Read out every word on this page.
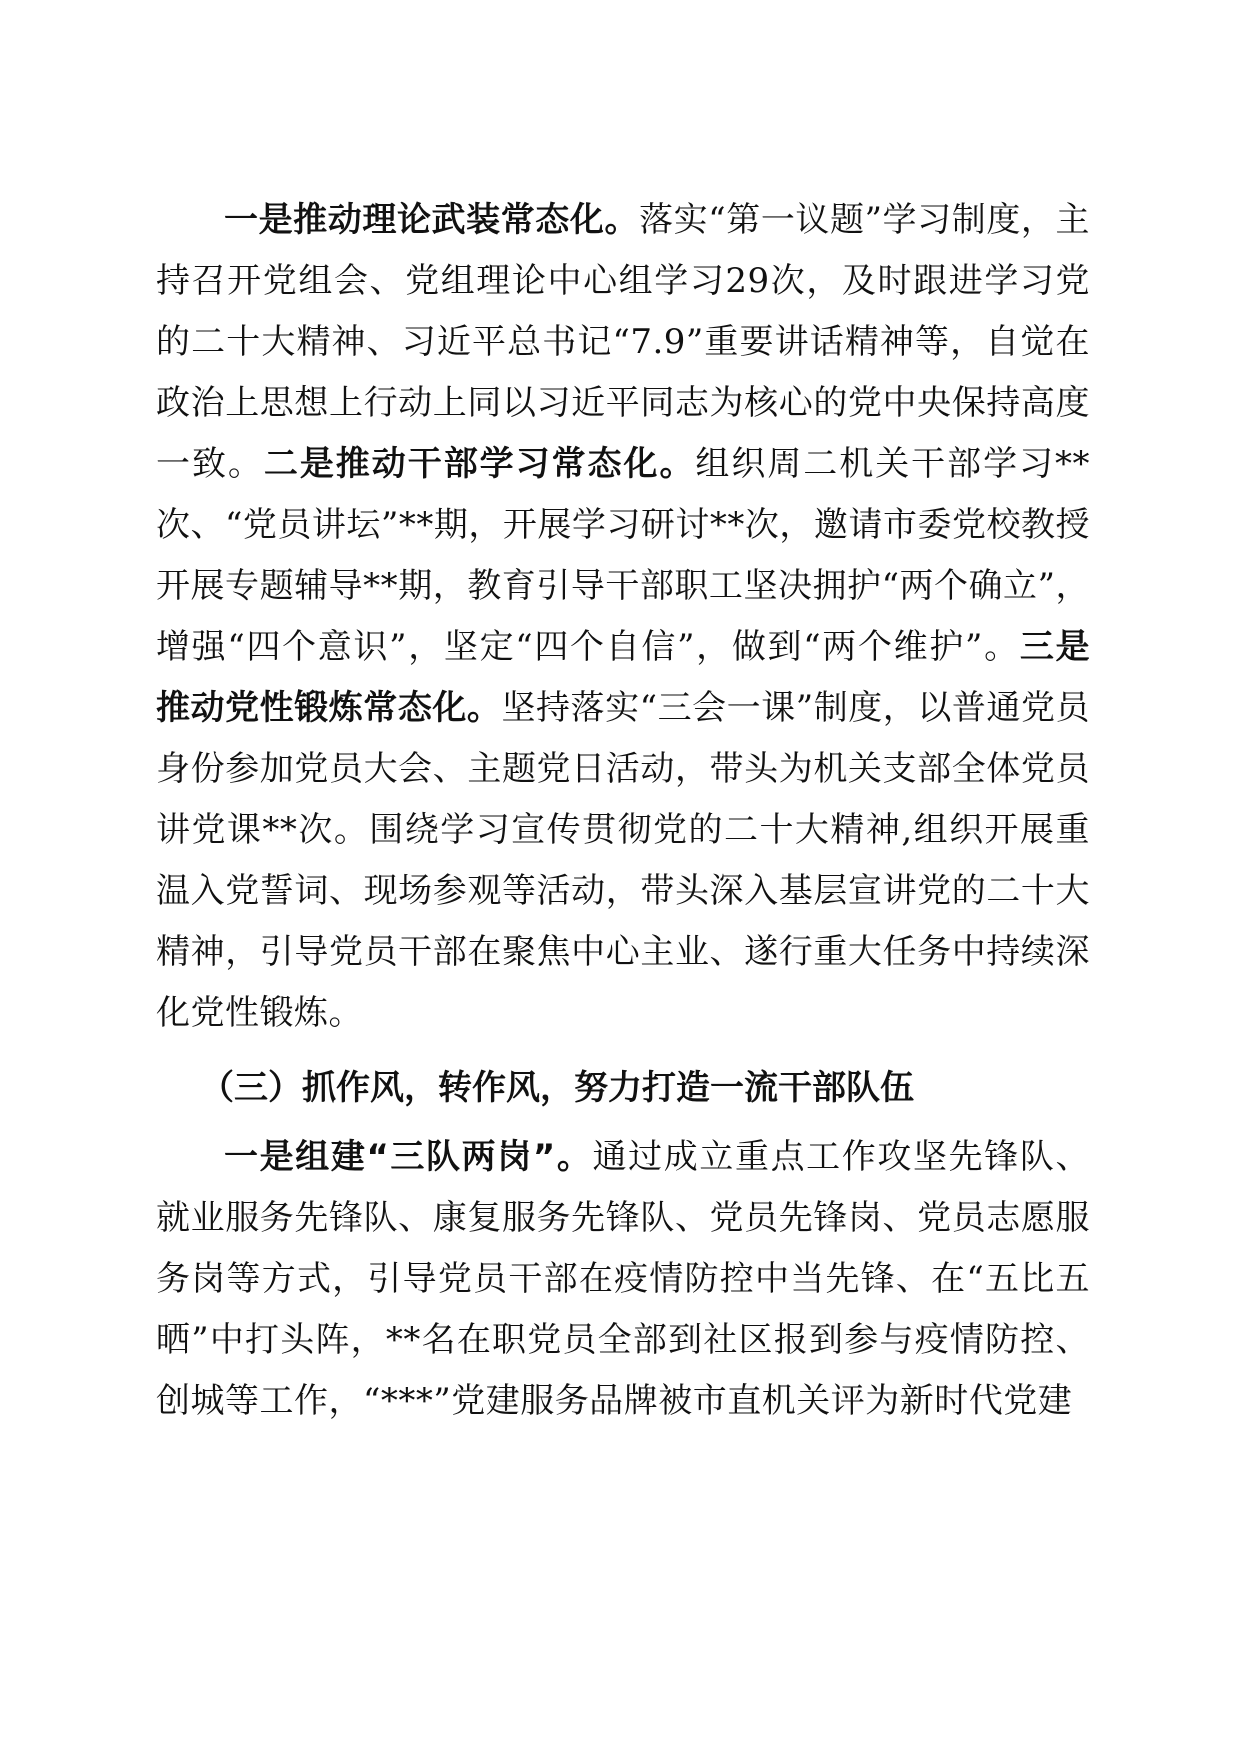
一是推动理论武装常态化。落实“第一议题”学习制度，主持召开党组会、党组理论中心组学习29次，及时跟进学习党的二十大精神、习近平总书记“7.9”重要讲话精神等，自觉在政治上思想上行动上同以习近平同志为核心的党中央保持高度一致。二是推动干部学习常态化。组织周二机关干部学习**次、“党员讲坛”**期，开展学习研讨**次，邀请市委党校教授开展专题辅导**期，教育引导干部职工坚决拥护“两个确立”，增强“四个意识”，坚定“四个自信”，做到“两个维护”。三是推动党性锻炼常态化。坚持落实“三会一课”制度，以普通党员身份参加党员大会、主题党日活动，带头为机关支部全体党员讲党课**次。围绕学习宣传贯彻党的二十大精神,组织开展重温入党誓词、现场参观等活动，带头深入基层宣讲党的二十大精神，引导党员干部在聚焦中心主业、遂行重大任务中持续深化党性锻炼。

（三）抓作风，转作风，努力打造一流干部队伍

一是组建“三队两岗”。通过成立重点工作攻坚先锋队、就业服务先锋队、康复服务先锋队、党员先锋岗、党员志愿服务岗等方式，引导党员干部在疫情防控中当先锋、在“五比五晒”中打头阵，**名在职党员全部到社区报到参与疫情防控、创城等工作，“***”党建服务品牌被市直机关评为新时代党建
